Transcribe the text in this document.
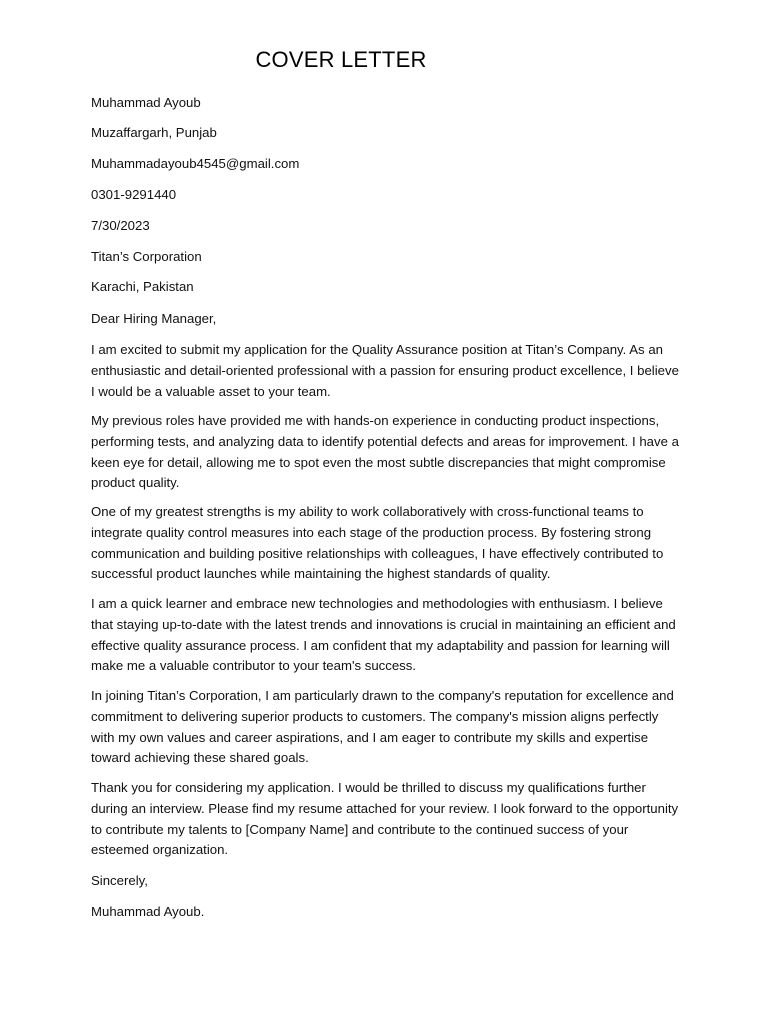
COVER LETTER
Muhammad Ayoub
Muzaffargarh, Punjab
Muhammadayoub4545@gmail.com
0301-9291440
7/30/2023
Titan’s Corporation
Karachi, Pakistan
Dear Hiring Manager,

I am excited to submit my application for the Quality Assurance position at Titan’s Company. As an enthusiastic and detail-oriented professional with a passion for ensuring product excellence, I believe I would be a valuable asset to your team.

My previous roles have provided me with hands-on experience in conducting product inspections, performing tests, and analyzing data to identify potential defects and areas for improvement. I have a keen eye for detail, allowing me to spot even the most subtle discrepancies that might compromise product quality.

One of my greatest strengths is my ability to work collaboratively with cross-functional teams to integrate quality control measures into each stage of the production process. By fostering strong communication and building positive relationships with colleagues, I have effectively contributed to successful product launches while maintaining the highest standards of quality.

I am a quick learner and embrace new technologies and methodologies with enthusiasm. I believe that staying up-to-date with the latest trends and innovations is crucial in maintaining an efficient and effective quality assurance process. I am confident that my adaptability and passion for learning will make me a valuable contributor to your team's success.

In joining Titan’s Corporation, I am particularly drawn to the company's reputation for excellence and commitment to delivering superior products to customers. The company's mission aligns perfectly with my own values and career aspirations, and I am eager to contribute my skills and expertise toward achieving these shared goals.

Thank you for considering my application. I would be thrilled to discuss my qualifications further during an interview. Please find my resume attached for your review. I look forward to the opportunity to contribute my talents to [Company Name] and contribute to the continued success of your esteemed organization.

Sincerely,
Muhammad Ayoub.
